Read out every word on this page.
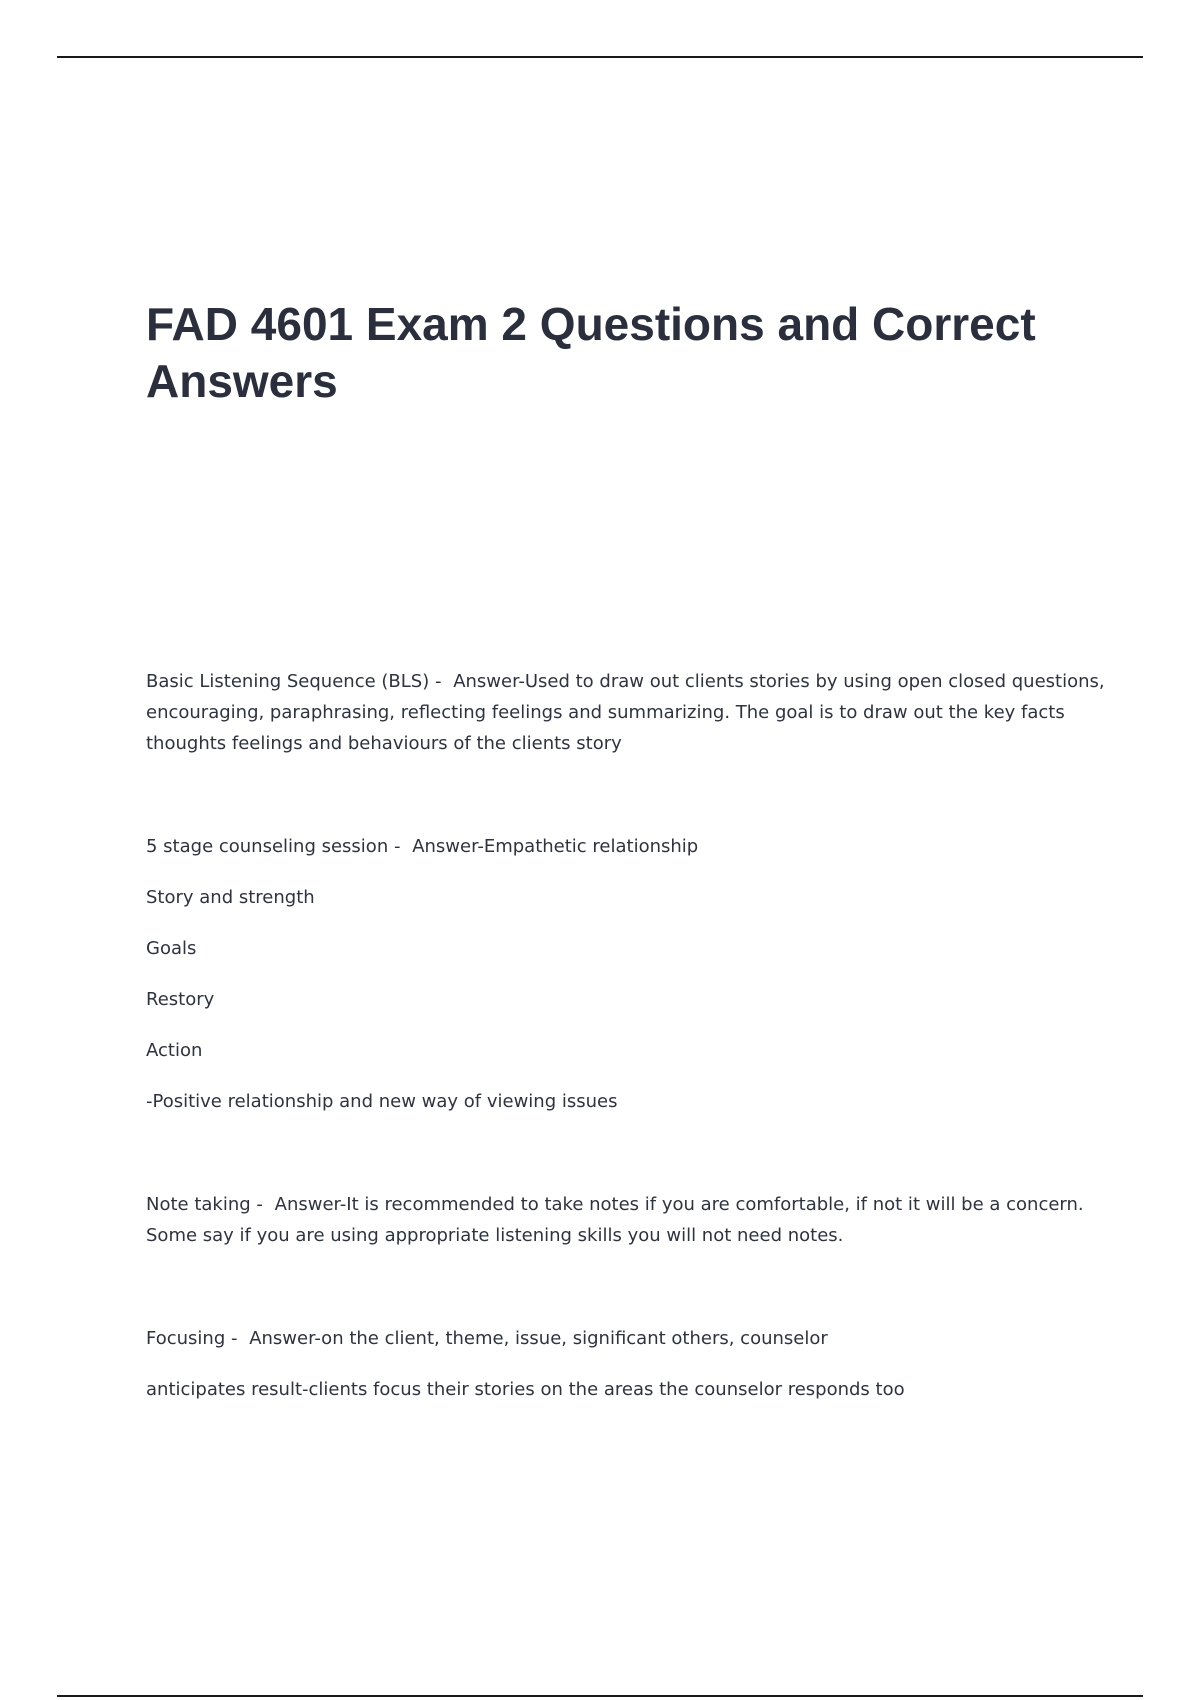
FAD 4601 Exam 2 Questions and Correct Answers

Basic Listening Sequence (BLS) - Answer-Used to draw out clients stories by using open closed questions, encouraging, paraphrasing, reflecting feelings and summarizing. The goal is to draw out the key facts thoughts feelings and behaviours of the clients story

5 stage counseling session - Answer-Empathetic relationship

Story and strength

Goals

Restory

Action

-Positive relationship and new way of viewing issues

Note taking - Answer-It is recommended to take notes if you are comfortable, if not it will be a concern. Some say if you are using appropriate listening skills you will not need notes.

Focusing - Answer-on the client, theme, issue, significant others, counselor

anticipates result-clients focus their stories on the areas the counselor responds too
